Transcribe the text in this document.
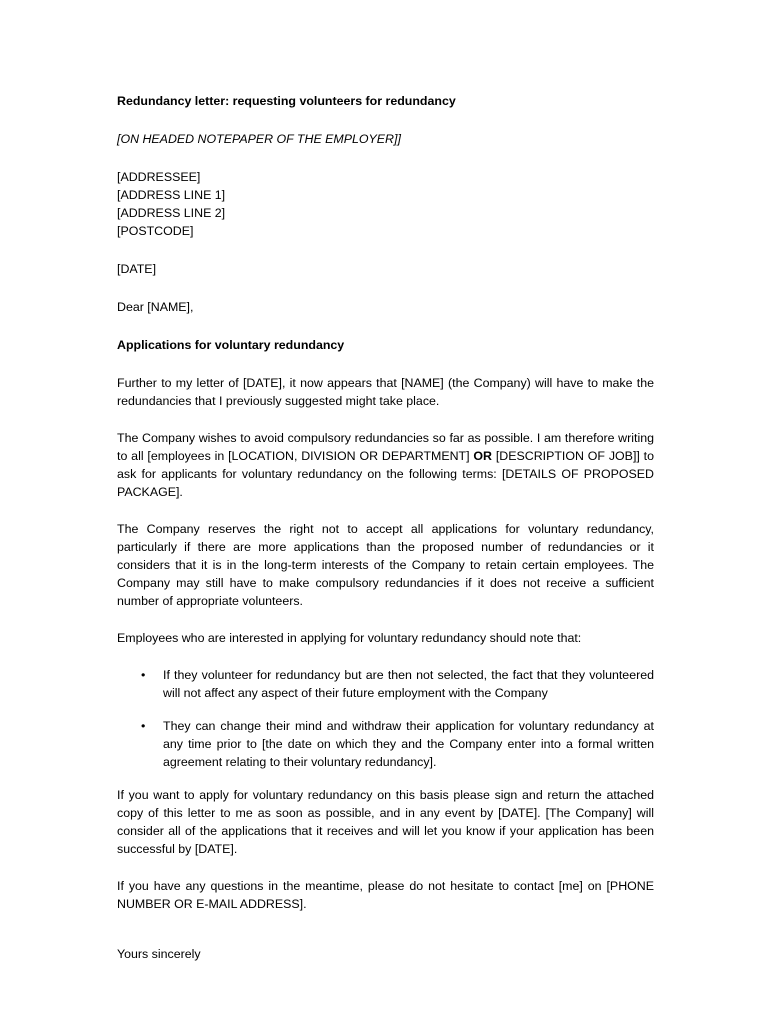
Redundancy letter: requesting volunteers for redundancy

[ON HEADED NOTEPAPER OF THE EMPLOYER]]

[ADDRESSEE]
[ADDRESS LINE 1]
[ADDRESS LINE 2]
[POSTCODE]

[DATE]

Dear [NAME],

Applications for voluntary redundancy

Further to my letter of [DATE], it now appears that [NAME] (the Company) will have to make the redundancies that I previously suggested might take place.

The Company wishes to avoid compulsory redundancies so far as possible. I am therefore writing to all [employees in [LOCATION, DIVISION OR DEPARTMENT] OR [DESCRIPTION OF JOB]] to ask for applicants for voluntary redundancy on the following terms: [DETAILS OF PROPOSED PACKAGE].

The Company reserves the right not to accept all applications for voluntary redundancy, particularly if there are more applications than the proposed number of redundancies or it considers that it is in the long-term interests of the Company to retain certain employees. The Company may still have to make compulsory redundancies if it does not receive a sufficient number of appropriate volunteers.

Employees who are interested in applying for voluntary redundancy should note that:

• If they volunteer for redundancy but are then not selected, the fact that they volunteered will not affect any aspect of their future employment with the Company
• They can change their mind and withdraw their application for voluntary redundancy at any time prior to [the date on which they and the Company enter into a formal written agreement relating to their voluntary redundancy].

If you want to apply for voluntary redundancy on this basis please sign and return the attached copy of this letter to me as soon as possible, and in any event by [DATE]. [The Company] will consider all of the applications that it receives and will let you know if your application has been successful by [DATE].

If you have any questions in the meantime, please do not hesitate to contact [me] on [PHONE NUMBER OR E-MAIL ADDRESS].

Yours sincerely
